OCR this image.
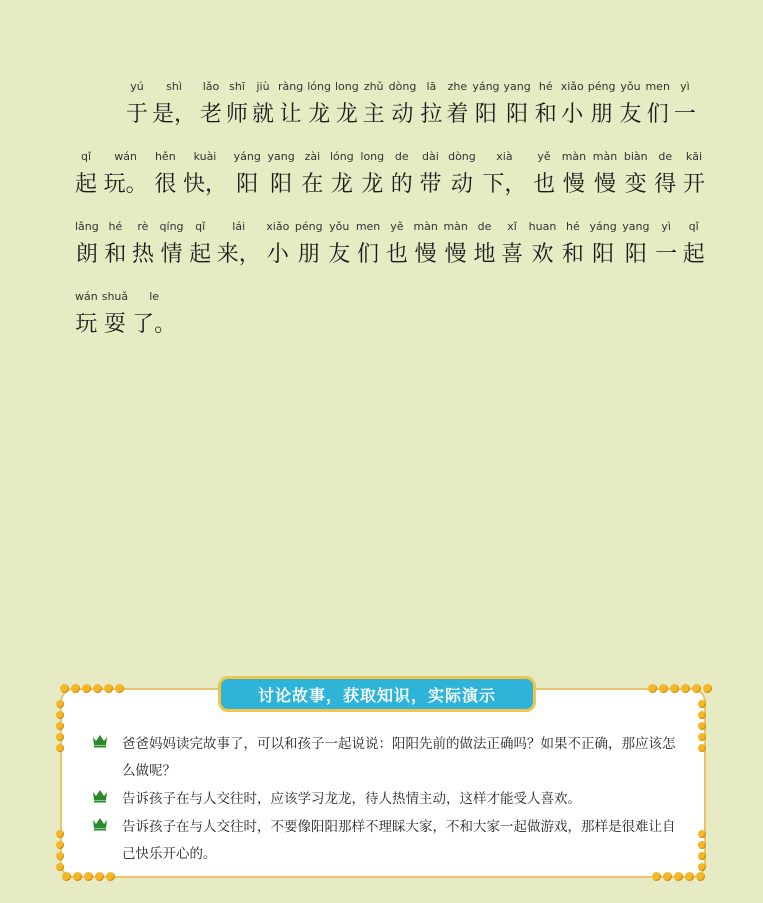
yú
于
shì
是，
lǎo
老
shī
师
jiù
就
ràng
让
lóng
龙
long
龙
zhǔ
主
dòng
动
lā
拉
zhe
着
yáng
阳
yang
阳
hé
和
xiǎo
小
péng
朋
yǒu
友
men
们
yì
一
qǐ
起
wán
玩。
hěn
很
kuài
快，
yáng
阳
yang
阳
zài
在
lóng
龙
long
龙
de
的
dài
带
dòng
动
xià
下，
yě
也
màn
慢
màn
慢
biàn
变
de
得
kāi
开
lǎng
朗
hé
和
rè
热
qíng
情
qǐ
起
lái
来，
xiǎo
小
péng
朋
yǒu
友
men
们
yě
也
màn
慢
màn
慢
de
地
xǐ
喜
huan
欢
hé
和
yáng
阳
yang
阳
yì
一
qǐ
起
wán
玩
shuǎ
耍
le
了。
讨论故事，获取知识，实际演示
爸爸妈妈读完故事了，可以和孩子一起说说：阳阳先前的做法正确吗？如果不正确，那应该怎么做呢？
告诉孩子在与人交往时，应该学习龙龙，待人热情主动，这样才能受人喜欢。
告诉孩子在与人交往时，不要像阳阳那样不理睬大家，不和大家一起做游戏，那样是很难让自己快乐开心的。
